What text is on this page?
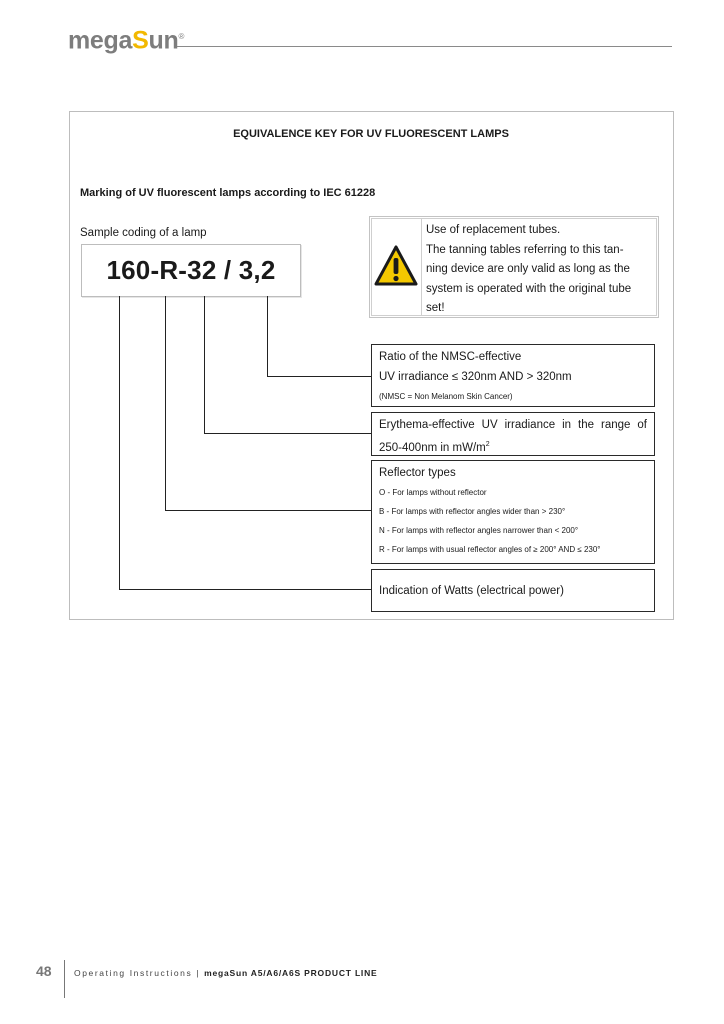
megaSun®
EQUIVALENCE KEY FOR UV FLUORESCENT LAMPS
Marking of UV fluorescent lamps according to IEC 61228
Sample coding of a lamp
160-R-32 / 3,2
Use of replacement tubes.
The tanning tables referring to this tan-
ning device are only valid as long as the
system is operated with the original tube
set!
Ratio of the NMSC-effective
UV irradiance ≤ 320nm AND > 320nm
(NMSC = Non Melanom Skin Cancer)
Erythema-effective UV irradiance in the range of 250-400nm in $mW/m^2$
Reflector types
O - For lamps without reflector
B - For lamps with reflector angles wider than > 230°
N - For lamps with reflector angles narrower than < 200°
R - For lamps with usual reflector angles of ≥ 200° AND ≤ 230°
Indication of Watts (electrical power)
48	Operating Instructions | megaSun A5/A6/A6S PRODUCT LINE
